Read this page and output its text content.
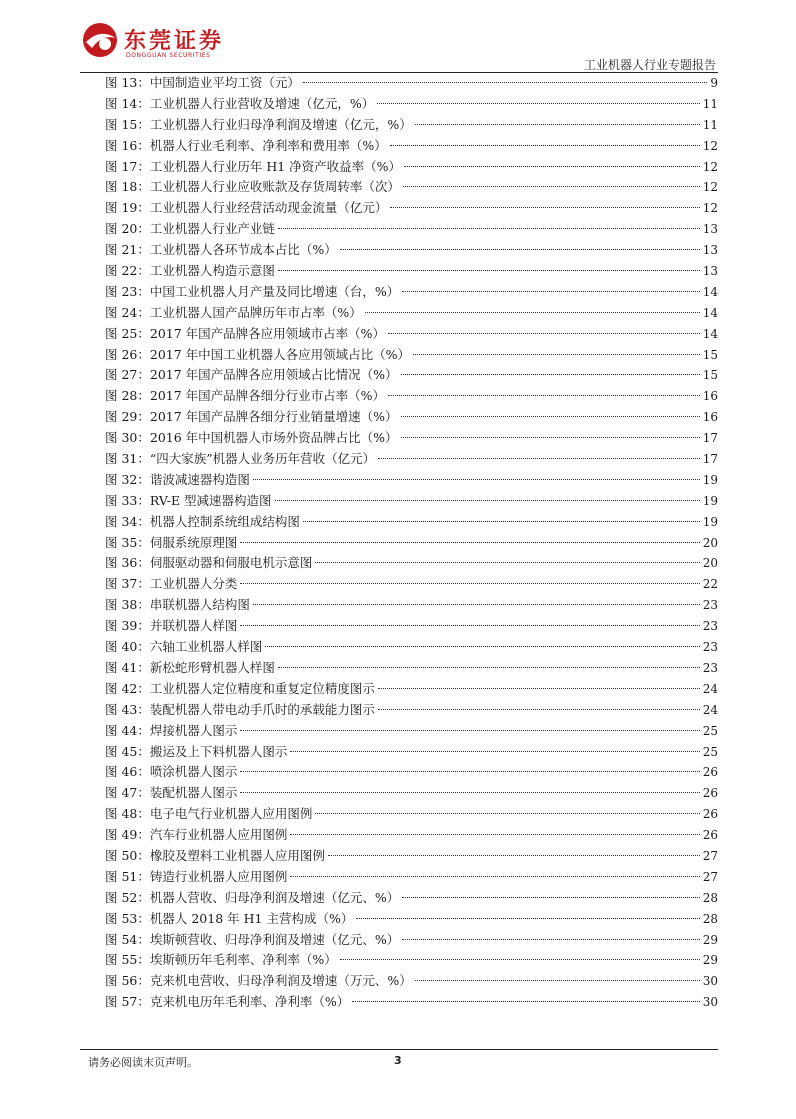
东莞证券
DONGGUAN SECURITIES
工业机器人行业专题报告
图 13：中国制造业平均工资（元）	9
图 14：工业机器人行业营收及增速（亿元，%）	11
图 15：工业机器人行业归母净利润及增速（亿元，%）	11
图 16：机器人行业毛利率、净利率和费用率（%）	12
图 17：工业机器人行业历年 H1 净资产收益率（%）	12
图 18：工业机器人行业应收账款及存货周转率（次）	12
图 19：工业机器人行业经营活动现金流量（亿元）	12
图 20：工业机器人行业产业链	13
图 21：工业机器人各环节成本占比（%）	13
图 22：工业机器人构造示意图	13
图 23：中国工业机器人月产量及同比增速（台，%）	14
图 24：工业机器人国产品牌历年市占率（%）	14
图 25：2017 年国产品牌各应用领域市占率（%）	14
图 26：2017 年中国工业机器人各应用领域占比（%）	15
图 27：2017 年国产品牌各应用领域占比情况（%）	15
图 28：2017 年国产品牌各细分行业市占率（%）	16
图 29：2017 年国产品牌各细分行业销量增速（%）	16
图 30：2016 年中国机器人市场外资品牌占比（%）	17
图 31：“四大家族”机器人业务历年营收（亿元）	17
图 32：谐波减速器构造图	19
图 33：RV-E 型减速器构造图	19
图 34：机器人控制系统组成结构图	19
图 35：伺服系统原理图	20
图 36：伺服驱动器和伺服电机示意图	20
图 37：工业机器人分类	22
图 38：串联机器人结构图	23
图 39：并联机器人样图	23
图 40：六轴工业机器人样图	23
图 41：新松蛇形臂机器人样图	23
图 42：工业机器人定位精度和重复定位精度图示	24
图 43：装配机器人带电动手爪时的承载能力图示	24
图 44：焊接机器人图示	25
图 45：搬运及上下料机器人图示	25
图 46：喷涂机器人图示	26
图 47：装配机器人图示	26
图 48：电子电气行业机器人应用图例	26
图 49：汽车行业机器人应用图例	26
图 50：橡胶及塑料工业机器人应用图例	27
图 51：铸造行业机器人应用图例	27
图 52：机器人营收、归母净利润及增速（亿元、%）	28
图 53：机器人 2018 年 H1 主营构成（%）	28
图 54：埃斯顿营收、归母净利润及增速（亿元、%）	29
图 55：埃斯顿历年毛利率、净利率（%）	29
图 56：克来机电营收、归母净利润及增速（万元、%）	30
图 57：克来机电历年毛利率、净利率（%）	30
请务必阅读末页声明。	3
